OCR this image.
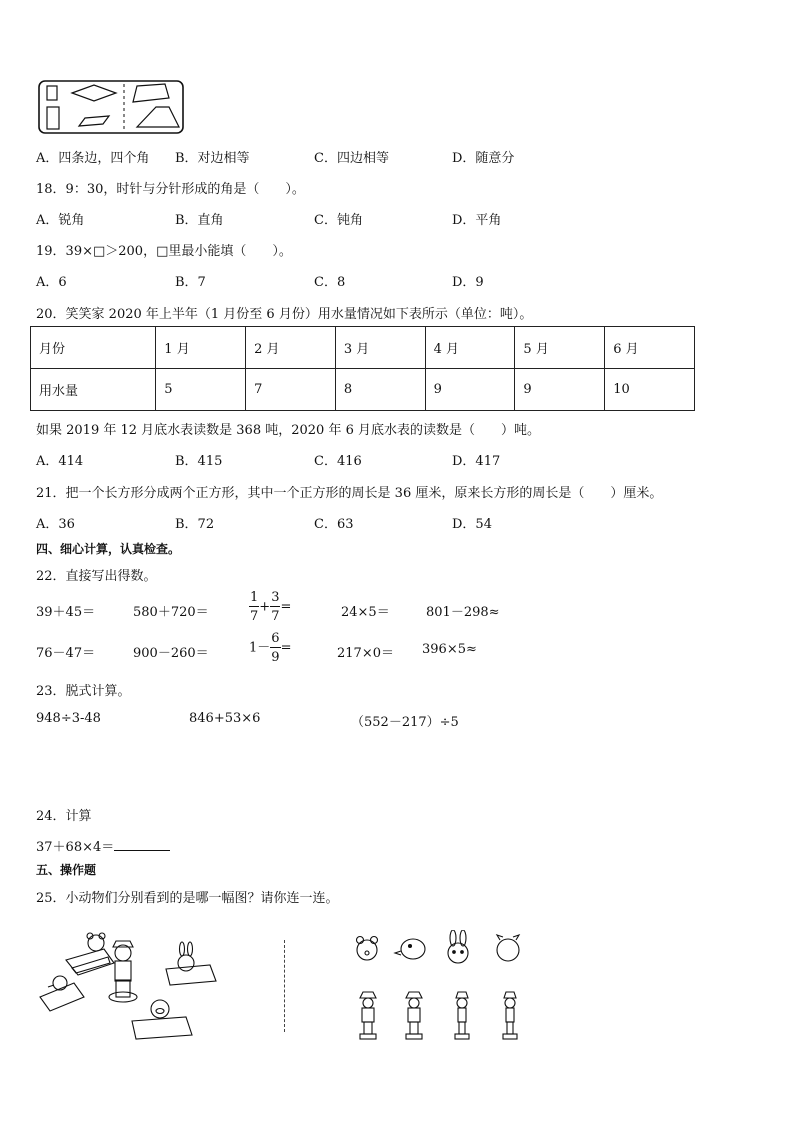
A．四条边，四个角 B．对边相等	C．四边相等	D．随意分
18．9：30，时针与分针形成的角是（　　）。
A．锐角	B．直角	C．钝角	D．平角
19．39×□＞200，□里最小能填（　　）。
A．6	B．7	C．8	D．9
20．笑笑家 2020 年上半年（1 月份至 6 月份）用水量情况如下表所示（单位：吨）。
月份	1 月	2 月	3 月	4 月	5 月	6 月
用水量	5	7	8	9	9	10
如果 2019 年 12 月底水表读数是 368 吨，2020 年 6 月底水表的读数是（　　）吨。
A．414	B．415	C．416	D．417
21．把一个长方形分成两个正方形，其中一个正方形的周长是 36 厘米，原来长方形的周长是（　　）厘米。
A．36	B．72	C．63	D．54
四、细心计算，认真检查。
22．直接写出得数。
39＋45＝	580＋720＝	$\frac{1}{7} + \frac{3}{7}$ =	24×5＝	801－298≈
76－47＝	900－260＝	$1- \frac{6}{9}$ =	217×0＝ 396×5≈
23．脱式计算。
948÷3-48	846+53×6	（552－217）÷5
24．计算
37＋68×4＝
五、操作题
25．小动物们分别看到的是哪一幅图？请你连一连。
